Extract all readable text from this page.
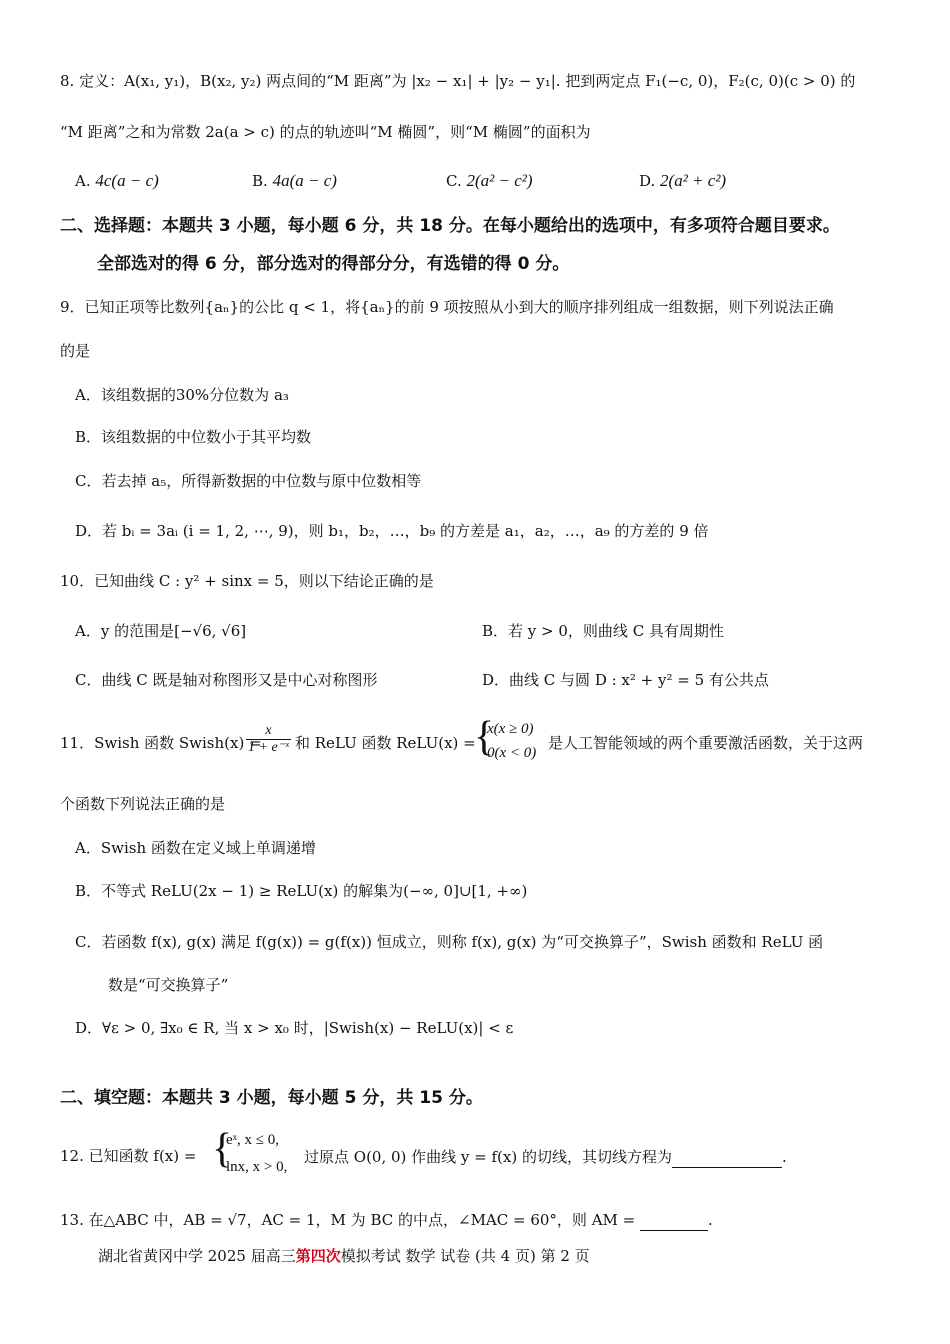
8. 定义：A(x₁, y₁)，B(x₂, y₂) 两点间的“M 距离”为 |x₂ − x₁| + |y₂ − y₁|. 把到两定点 F₁(−c, 0)，F₂(c, 0)(c > 0) 的
“M 距离”之和为常数 2a(a > c) 的点的轨迹叫“M 椭圆”，则“M 椭圆”的面积为
A. 4c(a − c)	B. 4a(a − c)	C. 2(a² − c²)	D. 2(a² + c²)
二、选择题：本题共 3 小题，每小题 6 分，共 18 分。在每小题给出的选项中，有多项符合题目要求。
全部选对的得 6 分，部分选对的得部分分，有选错的得 0 分。
9．已知正项等比数列{aₙ}的公比 q < 1，将{aₙ}的前 9 项按照从小到大的顺序排列组成一组数据，则下列说法正确
的是
A．该组数据的30%分位数为 a₃
B．该组数据的中位数小于其平均数
C．若去掉 a₅，所得新数据的中位数与原中位数相等
D．若 bᵢ = 3aᵢ (i = 1, 2, ⋯, 9)，则 b₁，b₂，…，b₉ 的方差是 a₁，a₂，…，a₉ 的方差的 9 倍
10．已知曲线 C : y² + sinx = 5，则以下结论正确的是
A．y 的范围是[−√6, √6]	B．若 y > 0，则曲线 C 具有周期性
C．曲线 C 既是轴对称图形又是中心对称图形	D．曲线 C 与圆 D : x² + y² = 5 有公共点
11．Swish 函数 Swish(x) =
$\frac{x}{\text{1 + e⁻ˣ}}$ 和 ReLU 函数 ReLU(x) =
{
x(x ≥ 0)
0(x < 0)
是人工智能领域的两个重要激活函数，关于这两
个函数下列说法正确的是
A．Swish 函数在定义域上单调递增
B．不等式 ReLU(2x − 1) ≥ ReLU(x) 的解集为(−∞, 0]∪[1, +∞)
C．若函数 f(x), g(x) 满足 f(g(x)) = g(f(x)) 恒成立，则称 f(x), g(x) 为“可交换算子”，Swish 函数和 ReLU 函
数是“可交换算子”
D．∀ε > 0, ∃x₀ ∈ R, 当 x > x₀ 时，|Swish(x) − ReLU(x)| < ε
二、填空题：本题共 3 小题，每小题 5 分，共 15 分。
12. 已知函数 f(x) = {
eˣ, x ≤ 0,
lnx, x > 0,
过原点 O(0, 0) 作曲线 y = f(x) 的切线，其切线方程为	.
13. 在△ABC 中，AB = √7，AC = 1，M 为 BC 的中点，∠MAC = 60°，则 AM =	.
湖北省黄冈中学 2025 届高三第四次模拟考试 数学 试卷 (共 4 页) 第 2 页
